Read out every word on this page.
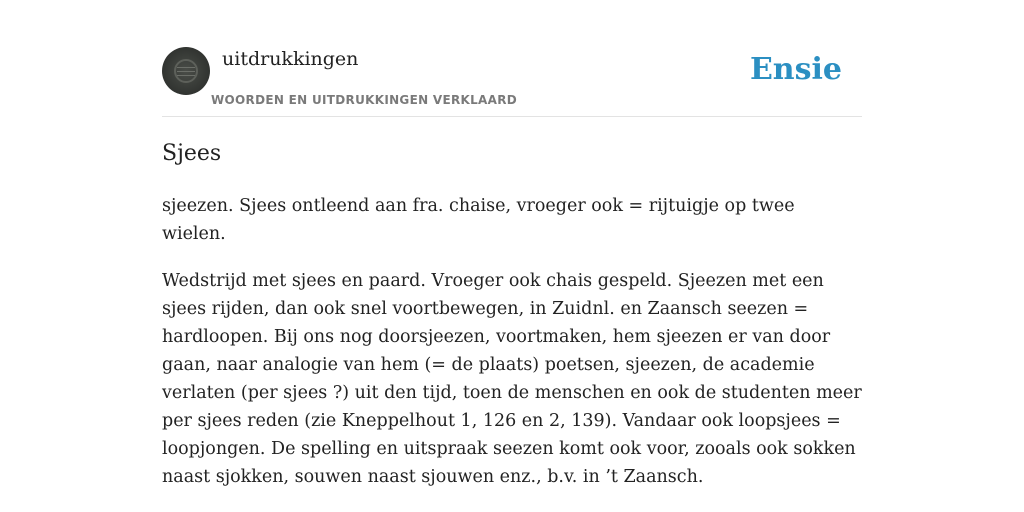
uitdrukkingen
WOORDEN EN UITDRUKKINGEN VERKLAARD
Ensie
Sjees

sjeezen. Sjees ontleend aan fra. chaise, vroeger ook = rijtuigje op twee wielen.

Wedstrijd met sjees en paard. Vroeger ook chais gespeld. Sjeezen met een sjees rijden, dan ook snel voortbewegen, in Zuidnl. en Zaansch seezen = hardloopen. Bij ons nog doorsjeezen, voortmaken, hem sjeezen er van door gaan, naar analogie van hem (= de plaats) poetsen, sjeezen, de academie verlaten (per sjees ?) uit den tijd, toen de menschen en ook de studenten meer per sjees reden (zie Kneppelhout 1, 126 en 2, 139). Vandaar ook loopsjees = loopjongen. De spelling en uitspraak seezen komt ook voor, zooals ook sokken naast sjokken, souwen naast sjouwen enz., b.v. in ’t Zaansch.
